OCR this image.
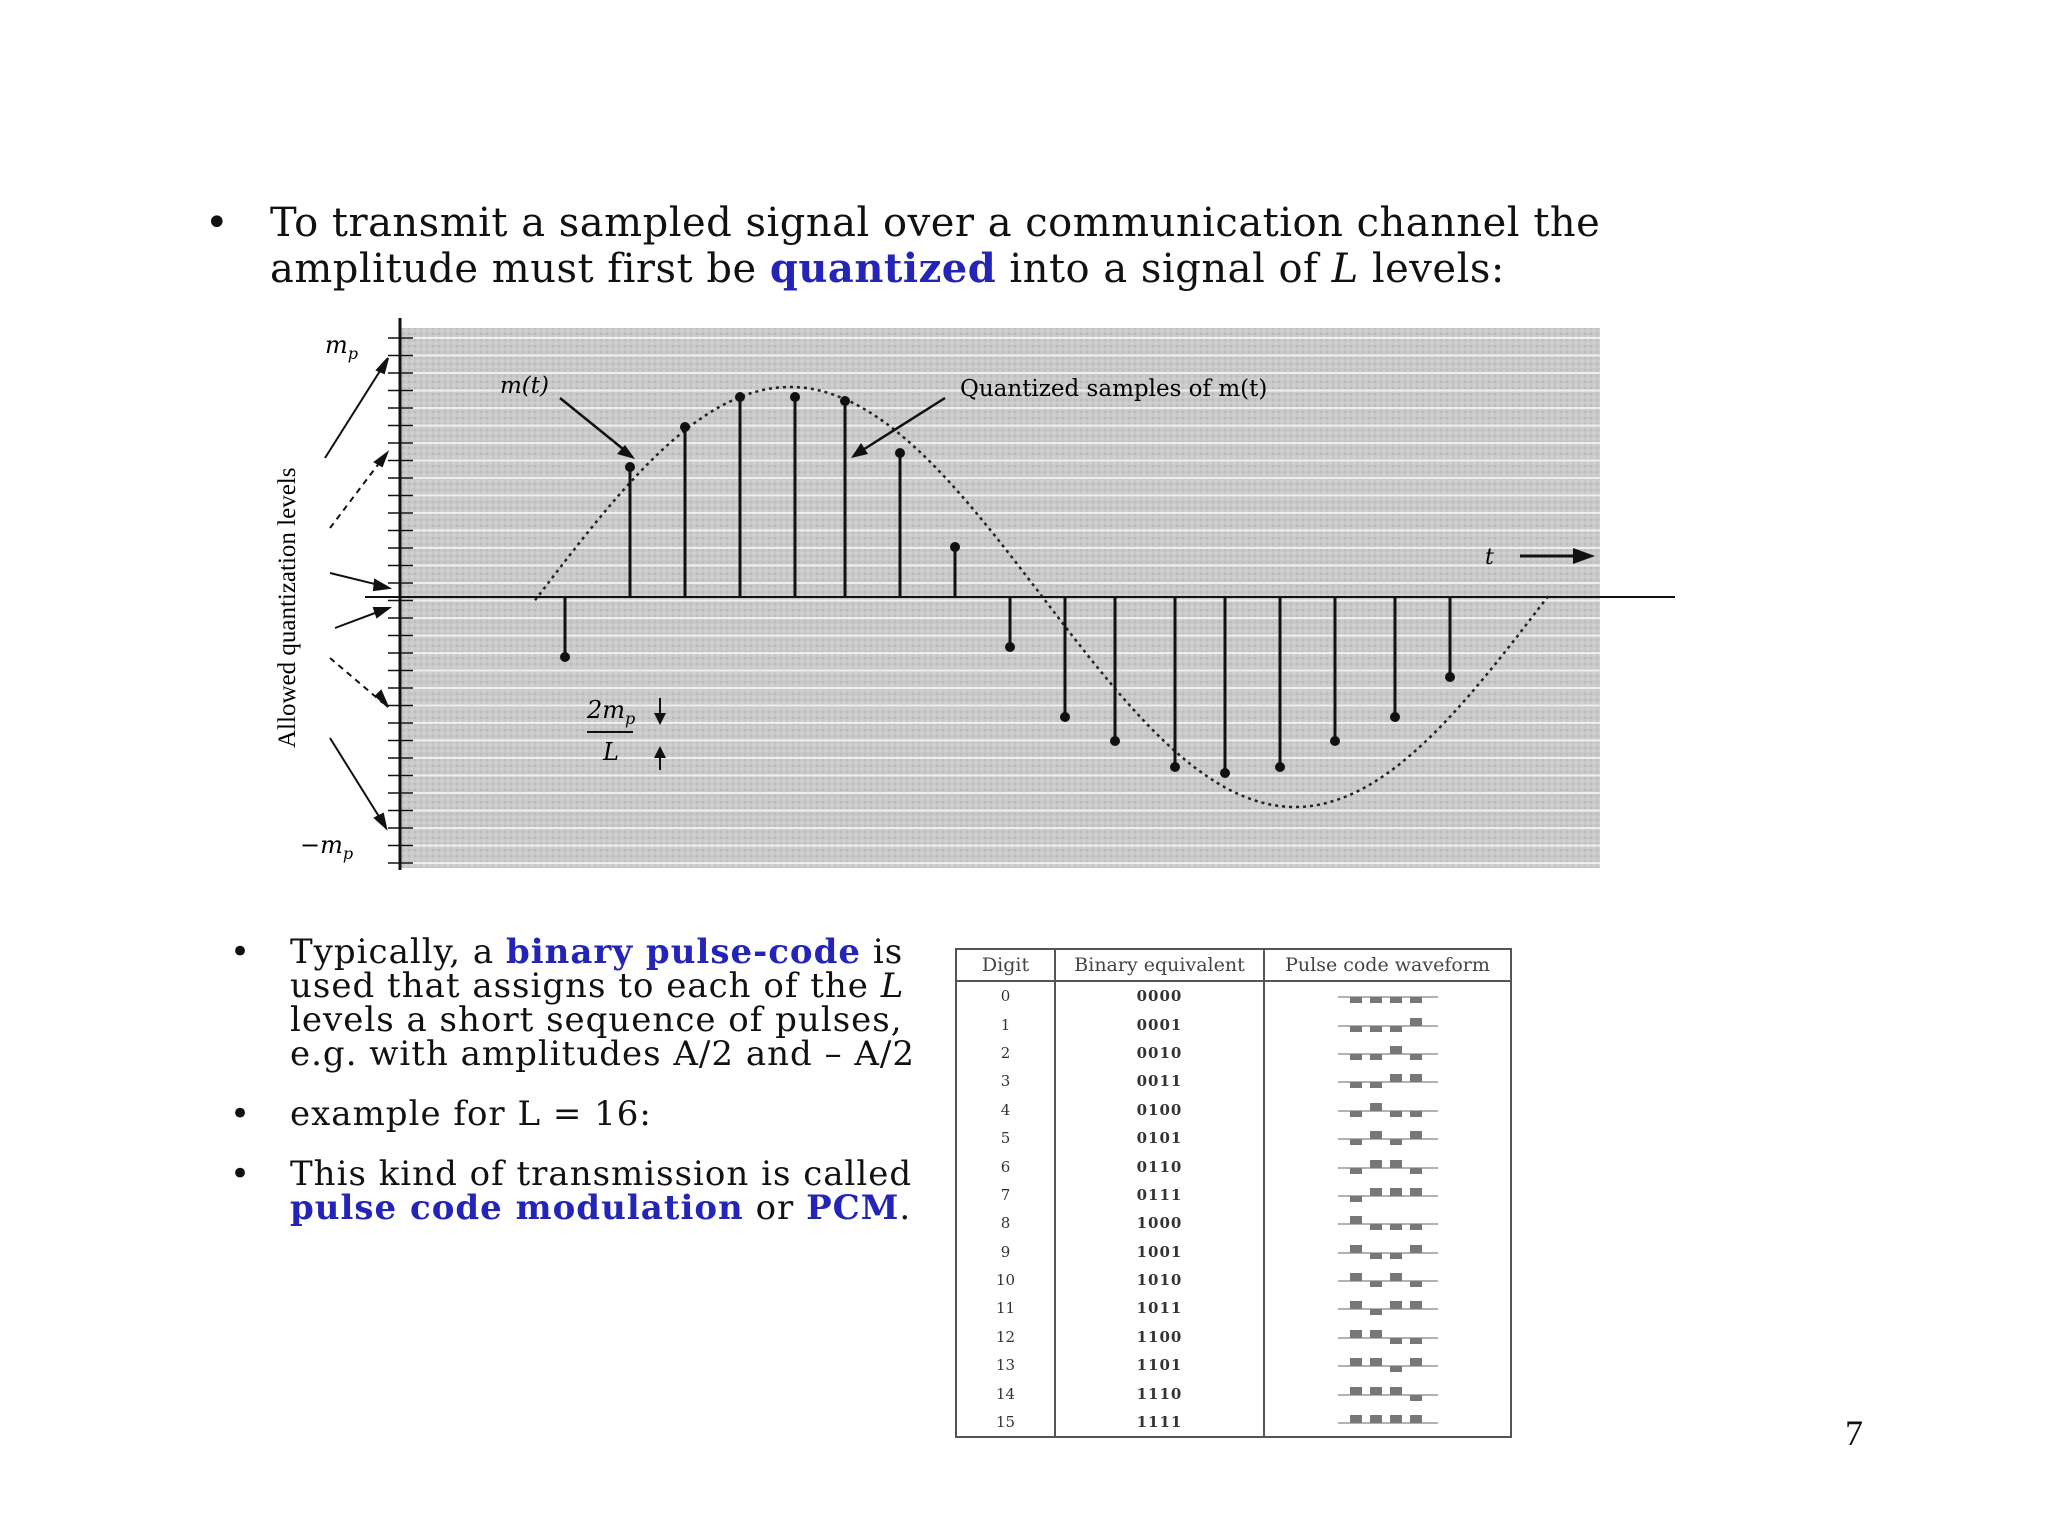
• To transmit a sampled signal over a communication channel the amplitude must first be quantized into a signal of L levels:
t
$m_p$
$-m_p$
Allowed quantization levels
m(t)	Quantized samples of m(t)
$2m_p$
L
• Typically, a binary pulse-code is used that assigns to each of the L levels a short sequence of pulses, e.g. with amplitudes A/2 and – A/2
• example for L = 16:
• This kind of transmission is called pulse code modulation or PCM.
Digit	Binary equivalent	Pulse code waveform
0	0000	

1	0001	

2	0010	

3	0011	

4	0100	

5	0101	

6	0110	

7	0111	

8	1000	

9	1001	

10	1010	

11	1011	

12	1100	

13	1101	

14	1110	

15	1111		7
